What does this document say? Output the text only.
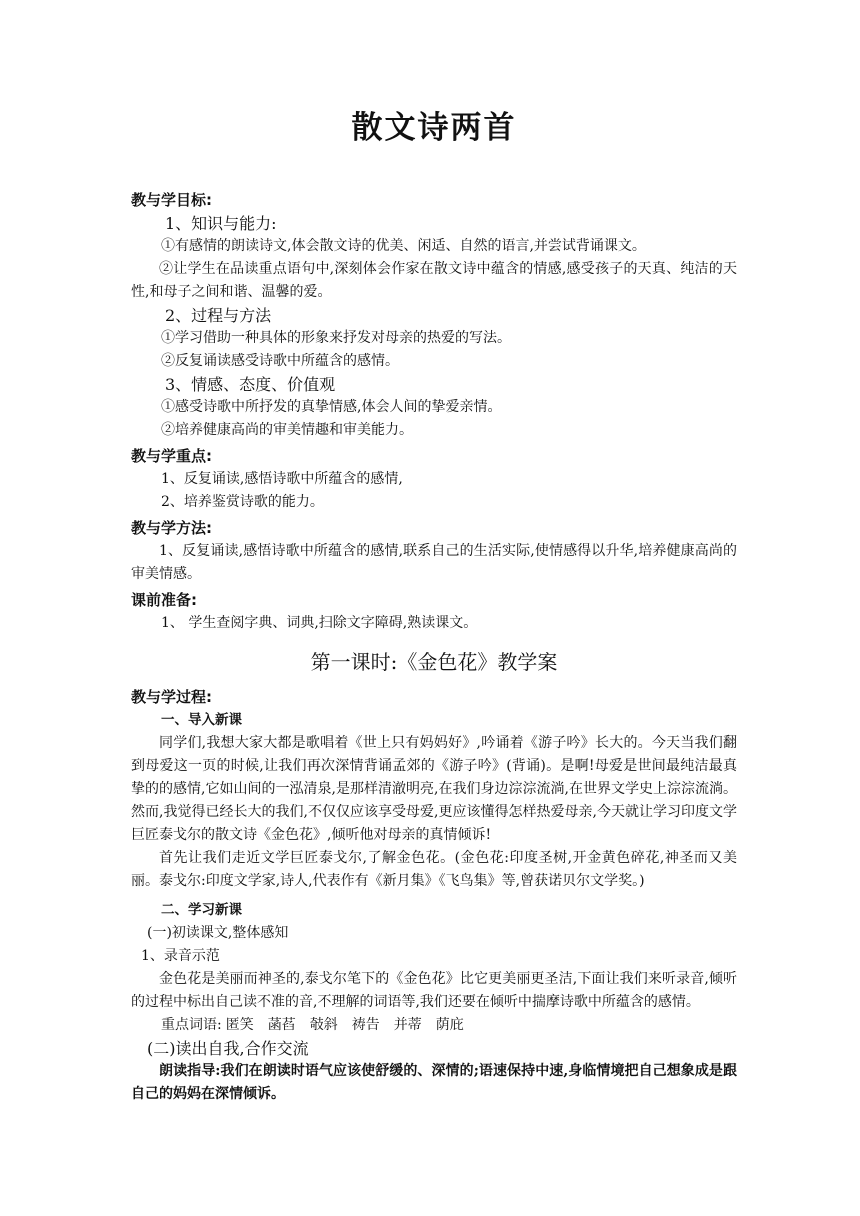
散文诗两首
教与学目标:

1、知识与能力:

①有感情的朗读诗文,体会散文诗的优美、闲适、自然的语言,并尝试背诵课文。

②让学生在品读重点语句中,深刻体会作家在散文诗中蕴含的情感,感受孩子的天真、纯洁的天性,和母子之间和谐、温馨的爱。

2、过程与方法

①学习借助一种具体的形象来抒发对母亲的热爱的写法。

②反复诵读感受诗歌中所蕴含的感情。

3、情感、态度、价值观

①感受诗歌中所抒发的真挚情感,体会人间的挚爱亲情。

②培养健康高尚的审美情趣和审美能力。

教与学重点:

1、反复诵读,感悟诗歌中所蕴含的感情,

2、培养鉴赏诗歌的能力。

教与学方法:

1、反复诵读,感悟诗歌中所蕴含的感情,联系自己的生活实际,使情感得以升华,培养健康高尚的审美情感。

课前准备:

1、 学生查阅字典、词典,扫除文字障碍,熟读课文。

第一课时:《金色花》教学案
教与学过程:

一、导入新课

同学们,我想大家大都是歌唱着《世上只有妈妈好》,吟诵着《游子吟》长大的。今天当我们翻到母爱这一页的时候,让我们再次深情背诵孟郊的《游子吟》(背诵)。是啊!母爱是世间最纯洁最真挚的的感情,它如山间的一泓清泉,是那样清澈明亮,在我们身边淙淙流淌,在世界文学史上淙淙流淌。然而,我觉得已经长大的我们,不仅仅应该享受母爱,更应该懂得怎样热爱母亲,今天就让学习印度文学巨匠泰戈尔的散文诗《金色花》,倾听他对母亲的真情倾诉!

首先让我们走近文学巨匠泰戈尔,了解金色花。(金色花:印度圣树,开金黄色碎花,神圣而又美丽。泰戈尔:印度文学家,诗人,代表作有《新月集》《飞鸟集》等,曾获诺贝尔文学奖。)

二、学习新课

(一)初读课文,整体感知

1、录音示范

金色花是美丽而神圣的,泰戈尔笔下的《金色花》比它更美丽更圣洁,下面让我们来听录音,倾听的过程中标出自己读不准的音,不理解的词语等,我们还要在倾听中揣摩诗歌中所蕴含的感情。

重点词语: 匿笑 菡萏 攲斜 祷告 并蒂 荫庇

(二)读出自我,合作交流

朗读指导:我们在朗读时语气应该使舒缓的、深情的;语速保持中速,身临情境把自己想象成是跟自己的妈妈在深情倾诉。
